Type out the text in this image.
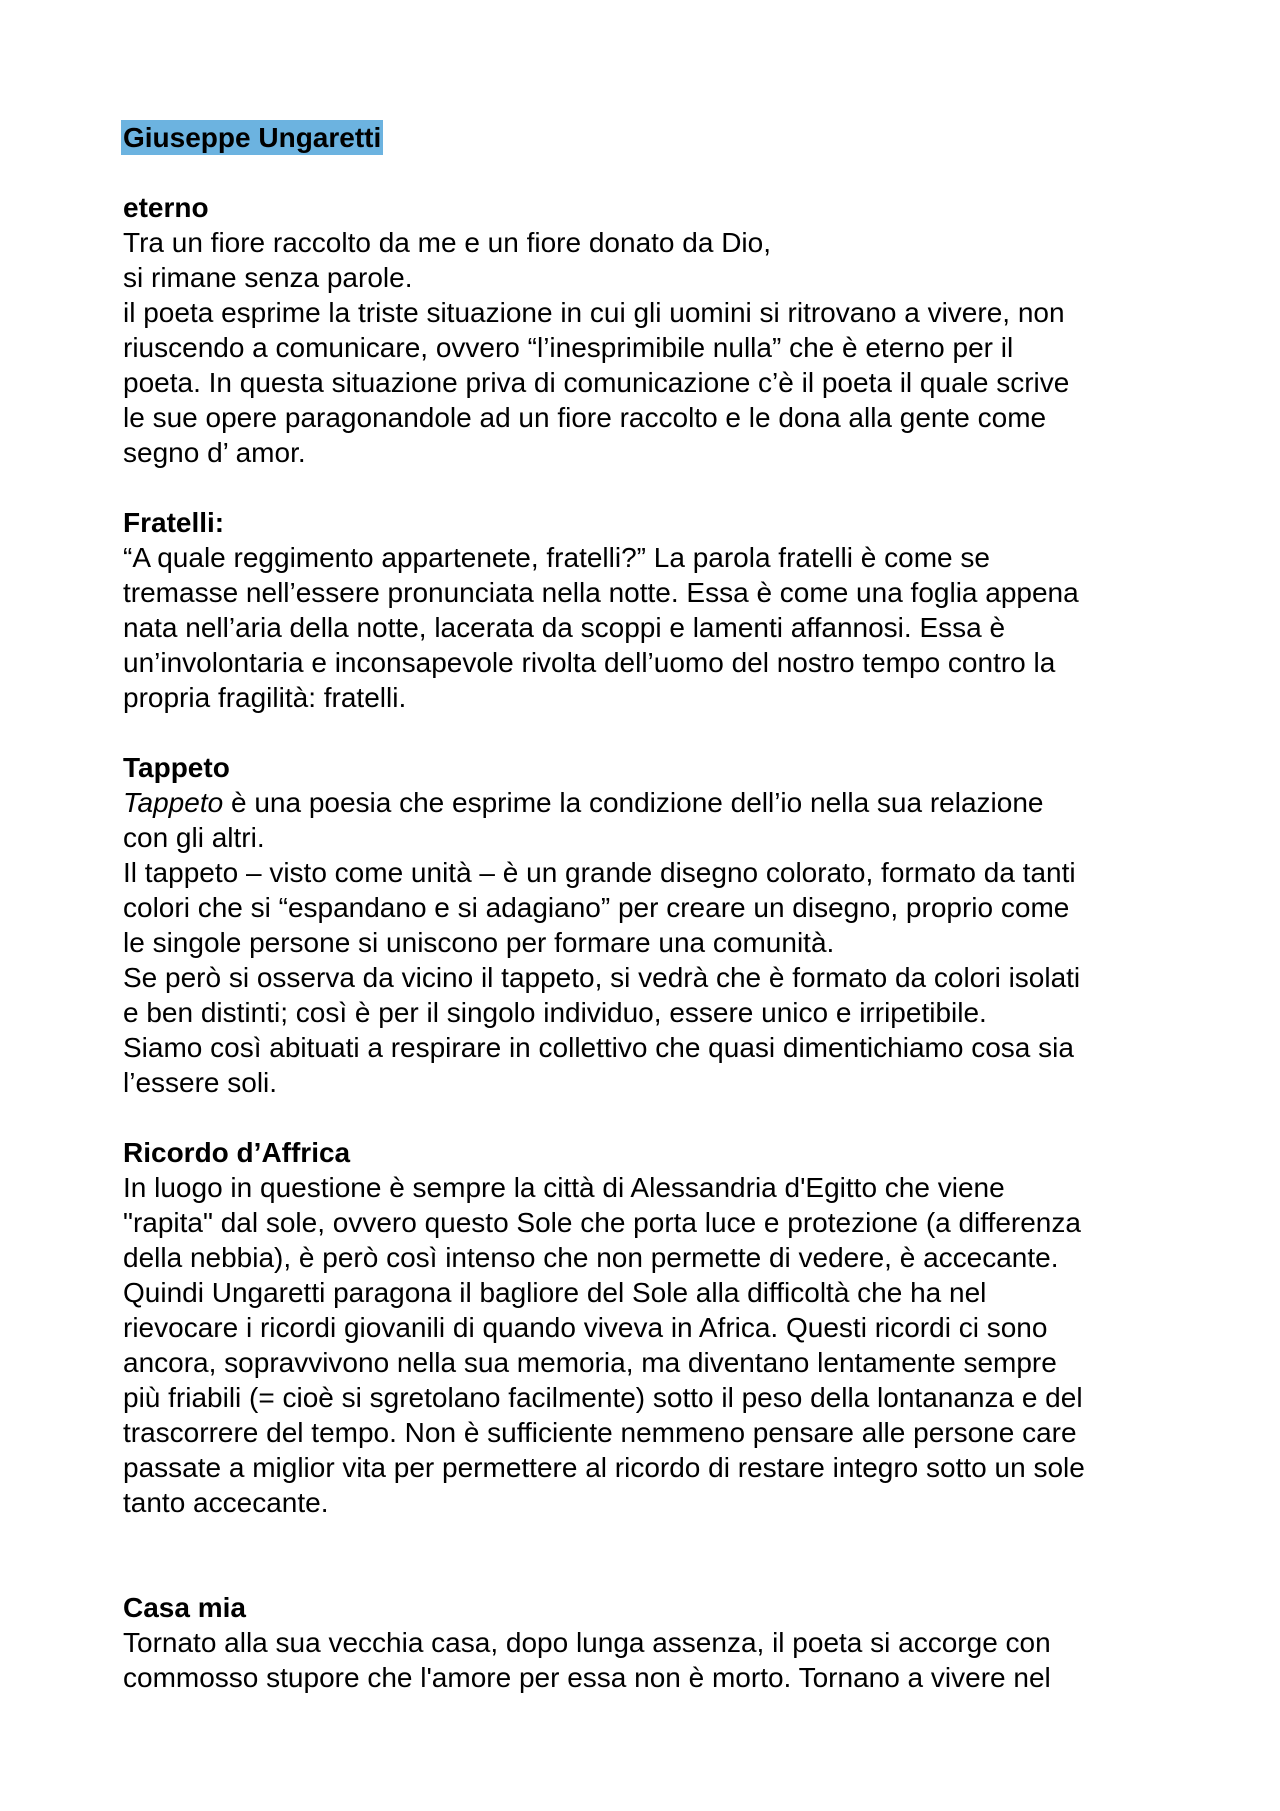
Giuseppe Ungaretti
eterno
Tra un fiore raccolto da me e un fiore donato da Dio,
si rimane senza parole.
il poeta esprime la triste situazione in cui gli uomini si ritrovano a vivere, non
riuscendo a comunicare, ovvero “l’inesprimibile nulla” che è eterno per il
poeta. In questa situazione priva di comunicazione c’è il poeta il quale scrive
le sue opere paragonandole ad un fiore raccolto e le dona alla gente come
segno d’ amor.
Fratelli:
“A quale reggimento appartenete, fratelli?” La parola fratelli è come se
tremasse nell’essere pronunciata nella notte. Essa è come una foglia appena
nata nell’aria della notte, lacerata da scoppi e lamenti affannosi. Essa è
un’involontaria e inconsapevole rivolta dell’uomo del nostro tempo contro la
propria fragilità: fratelli.
Tappeto
Tappeto è una poesia che esprime la condizione dell’io nella sua relazione
con gli altri.
Il tappeto – visto come unità – è un grande disegno colorato, formato da tanti
colori che si “espandano e si adagiano” per creare un disegno, proprio come
le singole persone si uniscono per formare una comunità.
Se però si osserva da vicino il tappeto, si vedrà che è formato da colori isolati
e ben distinti; così è per il singolo individuo, essere unico e irripetibile.
Siamo così abituati a respirare in collettivo che quasi dimentichiamo cosa sia
l’essere soli.
Ricordo d’Affrica
In luogo in questione è sempre la città di Alessandria d'Egitto che viene
"rapita" dal sole, ovvero questo Sole che porta luce e protezione (a differenza
della nebbia), è però così intenso che non permette di vedere, è accecante.
Quindi Ungaretti paragona il bagliore del Sole alla difficoltà che ha nel
rievocare i ricordi giovanili di quando viveva in Africa. Questi ricordi ci sono
ancora, sopravvivono nella sua memoria, ma diventano lentamente sempre
più friabili (= cioè si sgretolano facilmente) sotto il peso della lontananza e del
trascorrere del tempo. Non è sufficiente nemmeno pensare alle persone care
passate a miglior vita per permettere al ricordo di restare integro sotto un sole
tanto accecante.
Casa mia
Tornato alla sua vecchia casa, dopo lunga assenza, il poeta si accorge con
commosso stupore che l'amore per essa non è morto. Tornano a vivere nel
